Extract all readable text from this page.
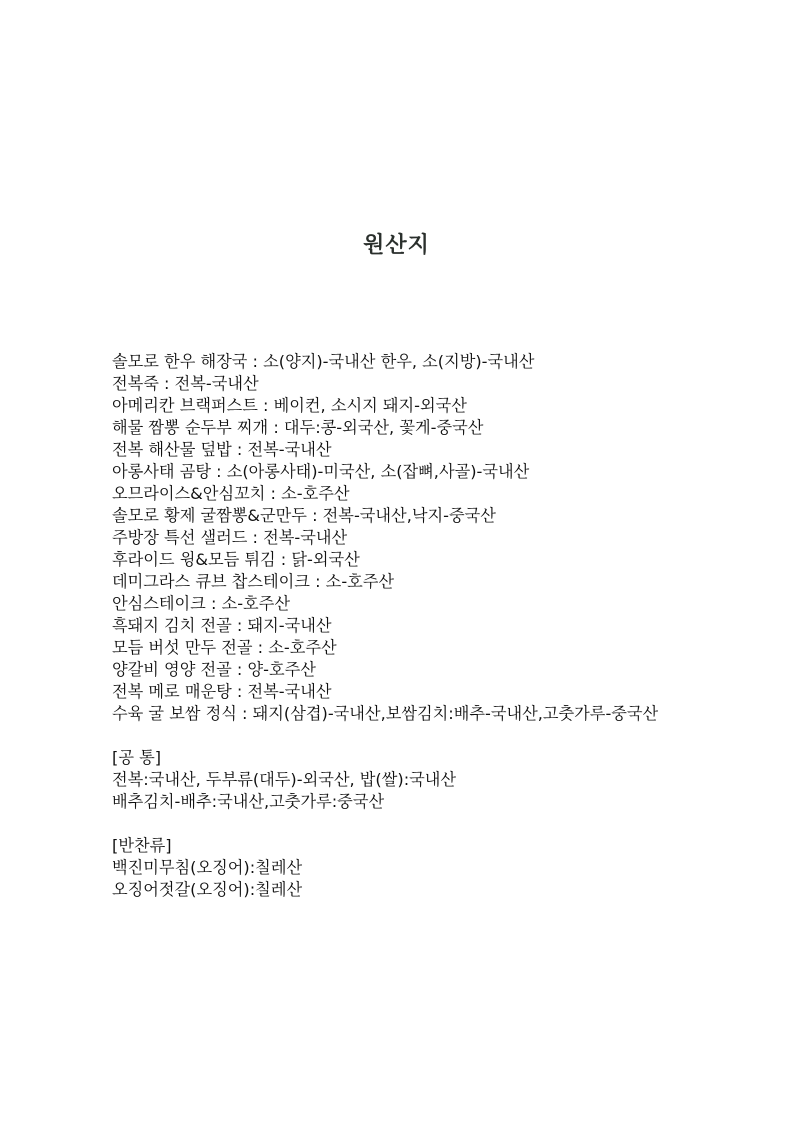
원산지
솔모로 한우 해장국 : 소(양지)-국내산 한우, 소(지방)-국내산
전복죽 : 전복-국내산
아메리칸 브랙퍼스트 : 베이컨, 소시지 돼지-외국산
해물 짬뽕 순두부 찌개 : 대두:콩-외국산, 꽃게-중국산
전복 해산물 덮밥 : 전복-국내산
아롱사태 곰탕 : 소(아롱사태)-미국산, 소(잡뼈,사골)-국내산
오므라이스&안심꼬치 : 소-호주산
솔모로 황제 굴짬뽕&군만두 : 전복-국내산,낙지-중국산
주방장 특선 샐러드 : 전복-국내산
후라이드 윙&모듬 튀김 : 닭-외국산
데미그라스 큐브 찹스테이크 : 소-호주산
안심스테이크 : 소-호주산
흑돼지 김치 전골 : 돼지-국내산
모듬 버섯 만두 전골 : 소-호주산
양갈비 영양 전골 : 양-호주산
전복 메로 매운탕 : 전복-국내산
수육 굴 보쌈 정식 : 돼지(삼겹)-국내산,보쌈김치:배추-국내산,고춧가루-중국산
[공 통]
전복:국내산, 두부류(대두)-외국산, 밥(쌀):국내산
배추김치-배추:국내산,고춧가루:중국산
[반찬류]
백진미무침(오징어):칠레산
오징어젓갈(오징어):칠레산
